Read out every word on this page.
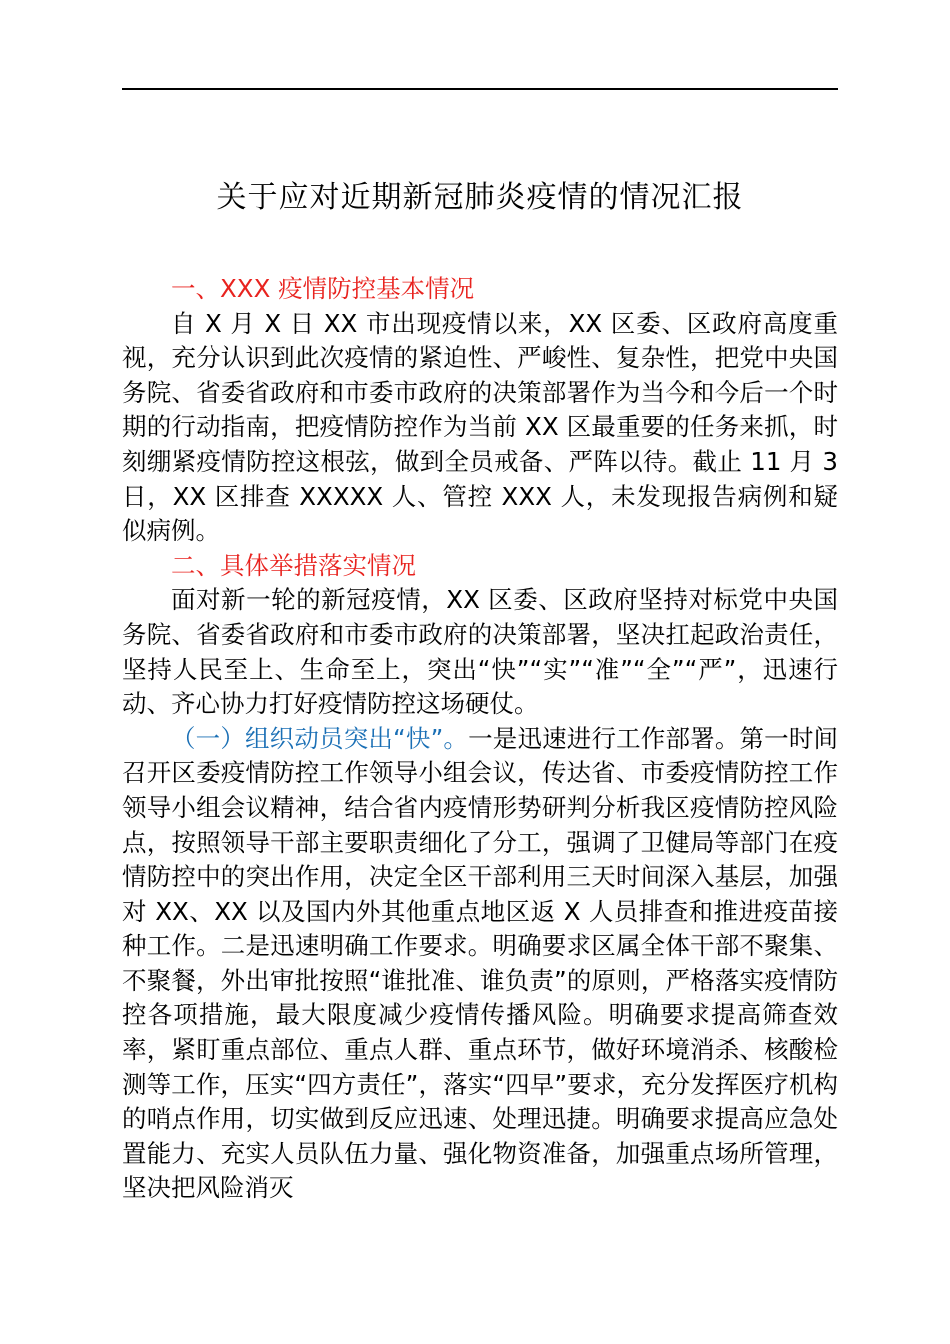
关于应对近期新冠肺炎疫情的情况汇报

一、XXX 疫情防控基本情况

自 X 月 X 日 XX 市出现疫情以来，XX 区委、区政府高度重视，充分认识到此次疫情的紧迫性、严峻性、复杂性，把党中央国务院、省委省政府和市委市政府的决策部署作为当今和今后一个时期的行动指南，把疫情防控作为当前 XX 区最重要的任务来抓，时刻绷紧疫情防控这根弦，做到全员戒备、严阵以待。截止 11 月 3 日，XX 区排查 XXXXX 人、管控 XXX 人，未发现报告病例和疑似病例。

二、具体举措落实情况

面对新一轮的新冠疫情，XX 区委、区政府坚持对标党中央国务院、省委省政府和市委市政府的决策部署，坚决扛起政治责任，坚持人民至上、生命至上，突出“快”“实”“准”“全”“严”，迅速行动、齐心协力打好疫情防控这场硬仗。

（一）组织动员突出“快”。一是迅速进行工作部署。第一时间召开区委疫情防控工作领导小组会议，传达省、市委疫情防控工作领导小组会议精神，结合省内疫情形势研判分析我区疫情防控风险点，按照领导干部主要职责细化了分工，强调了卫健局等部门在疫情防控中的突出作用，决定全区干部利用三天时间深入基层，加强对 XX、XX 以及国内外其他重点地区返 X 人员排查和推进疫苗接种工作。二是迅速明确工作要求。明确要求区属全体干部不聚集、不聚餐，外出审批按照“谁批准、谁负责”的原则，严格落实疫情防控各项措施，最大限度减少疫情传播风险。明确要求提高筛查效率，紧盯重点部位、重点人群、重点环节，做好环境消杀、核酸检测等工作，压实“四方责任”，落实“四早”要求，充分发挥医疗机构的哨点作用，切实做到反应迅速、处理迅捷。明确要求提高应急处置能力、充实人员队伍力量、强化物资准备，加强重点场所管理，坚决把风险消灭
